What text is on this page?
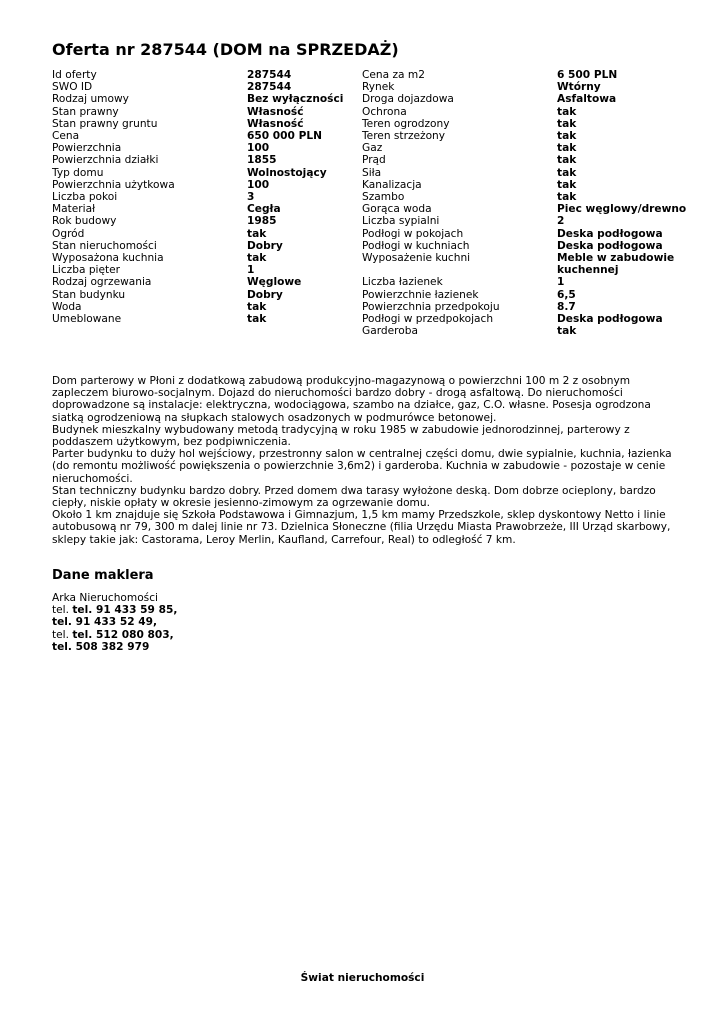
Oferta nr 287544 (DOM na SPRZEDAŻ)
Id oferty	287544
SWO ID	287544
Rodzaj umowy	Bez wyłączności
Stan prawny	Własność
Stan prawny gruntu	Własność
Cena	650 000 PLN
Powierzchnia	100
Powierzchnia działki	1855
Typ domu	Wolnostojący
Powierzchnia użytkowa	100
Liczba pokoi	3
Materiał	Cegła
Rok budowy	1985
Ogród	tak
Stan nieruchomości	Dobry
Wyposażona kuchnia	tak
Liczba pięter	1
Rodzaj ogrzewania	Węglowe
Stan budynku	Dobry
Woda	tak
Umeblowane	tak
Cena za m2	6 500 PLN
Rynek	Wtórny
Droga dojazdowa	Asfaltowa
Ochrona	tak
Teren ogrodzony	tak
Teren strzeżony	tak
Gaz	tak
Prąd	tak
Siła	tak
Kanalizacja	tak
Szambo	tak
Gorąca woda	Piec węglowy/drewno
Liczba sypialni	2
Podłogi w pokojach	Deska podłogowa
Podłogi w kuchniach	Deska podłogowa
Wyposażenie kuchni	Meble w zabudowie kuchennej
Liczba łazienek	1
Powierzchnie łazienek	6,5
Powierzchnia przedpokoju	8.7
Podłogi w przedpokojach	Deska podłogowa
Garderoba	tak

Dom parterowy w Płoni z dodatkową zabudową produkcyjno-magazynową o powierzchni 100 m 2 z osobnym zapleczem biurowo-socjalnym. Dojazd do nieruchomości bardzo dobry - drogą asfaltową. Do nieruchomości doprowadzone są instalacje: elektryczna, wodociągowa, szambo na działce, gaz, C.O. własne. Posesja ogrodzona siatką ogrodzeniową na słupkach stalowych osadzonych w podmurówce betonowej.

Budynek mieszkalny wybudowany metodą tradycyjną w roku 1985 w zabudowie jednorodzinnej, parterowy z poddaszem użytkowym, bez podpiwniczenia.

Parter budynku to duży hol wejściowy, przestronny salon w centralnej części domu, dwie sypialnie, kuchnia, łazienka (do remontu możliwość powiększenia o powierzchnie 3,6m2) i garderoba. Kuchnia w zabudowie - pozostaje w cenie nieruchomości.

Stan techniczny budynku bardzo dobry. Przed domem dwa tarasy wyłożone deską. Dom dobrze ocieplony, bardzo ciepły, niskie opłaty w okresie jesienno-zimowym za ogrzewanie domu.

Około 1 km znajduje się Szkoła Podstawowa i Gimnazjum, 1,5 km mamy Przedszkole, sklep dyskontowy Netto i linie autobusową nr 79, 300 m dalej linie nr 73. Dzielnica Słoneczne (filia Urzędu Miasta Prawobrzeże, III Urząd skarbowy, sklepy takie jak: Castorama, Leroy Merlin, Kaufland, Carrefour, Real) to odległość 7 km.

Dane maklera
Arka Nieruchomości
tel. tel. 91 433 59 85,
tel. 91 433 52 49,
tel. tel. 512 080 803,
tel. 508 382 979
Świat nieruchomości
